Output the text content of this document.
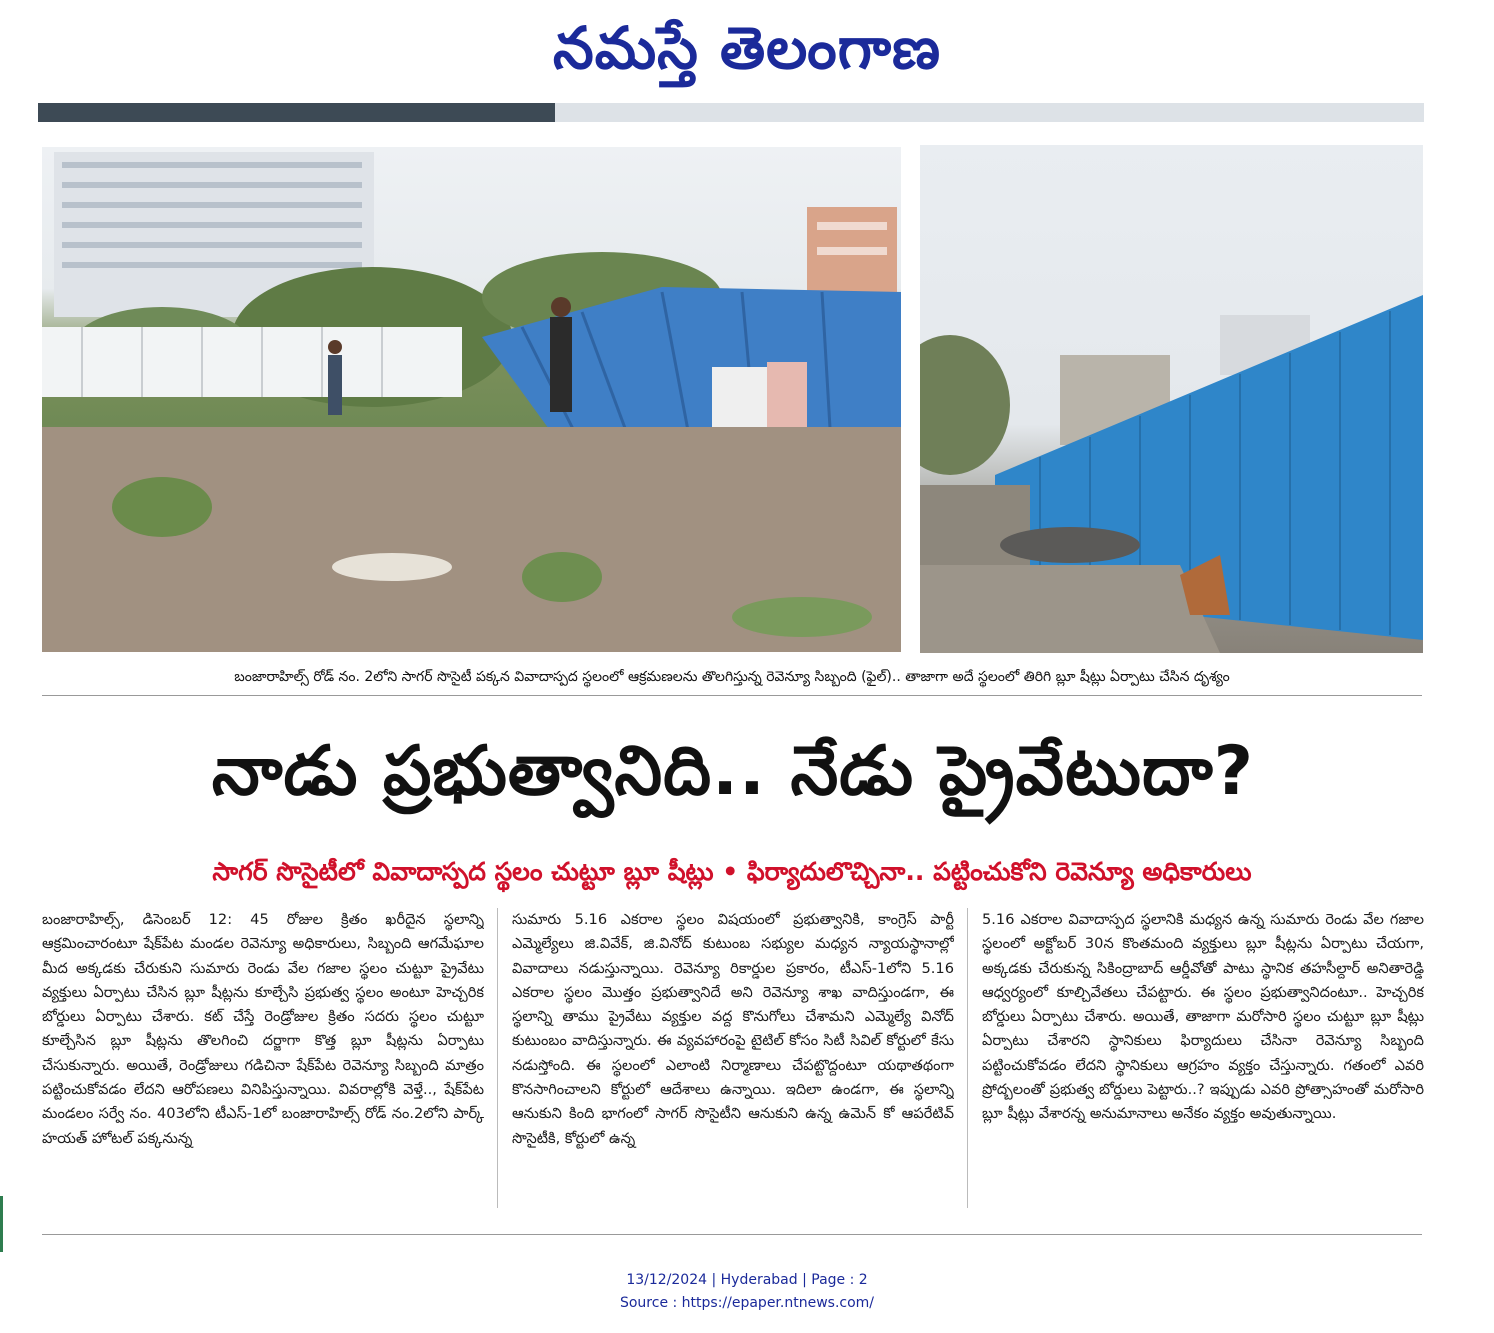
నమస్తే తెలంగాణ
బంజారాహిల్స్ రోడ్ నం. 2లోని సాగర్ సొసైటీ పక్కన వివాదాస్పద స్థలంలో ఆక్రమణలను తొలగిస్తున్న రెవెన్యూ సిబ్బంది (ఫైల్).. తాజాగా అదే స్థలంలో తిరిగి బ్లూ షీట్లు ఏర్పాటు చేసిన దృశ్యం
నాడు ప్రభుత్వానిది.. నేడు ప్రైవేటుదా?
సాగర్ సొసైటీలో వివాదాస్పద స్థలం చుట్టూ బ్లూ షీట్లు • ఫిర్యాదులొచ్చినా.. పట్టించుకోని రెవెన్యూ అధికారులు
బంజారాహిల్స్, డిసెంబర్ 12: 45 రోజుల క్రితం ఖరీదైన స్థలాన్ని ఆక్రమించారంటూ షేక్‌పేట మండల రెవెన్యూ అధికారులు, సిబ్బంది ఆగమేఘాల మీద అక్కడకు చేరుకుని సుమారు రెండు వేల గజాల స్థలం చుట్టూ ప్రైవేటు వ్యక్తులు ఏర్పాటు చేసిన బ్లూ షీట్లను కూల్చేసి ప్రభుత్వ స్థలం అంటూ హెచ్చరిక బోర్డులు ఏర్పాటు చేశారు. కట్ చేస్తే రెండ్రోజుల క్రితం సదరు స్థలం చుట్టూ కూల్చేసిన బ్లూ షీట్లను తొలగించి దర్జాగా కొత్త బ్లూ షీట్లను ఏర్పాటు చేసుకున్నారు. అయితే, రెండ్రోజులు గడిచినా షేక్‌పేట రెవెన్యూ సిబ్బంది మాత్రం పట్టించుకోవడం లేదని ఆరోపణలు వినిపిస్తున్నాయి. వివరాల్లోకి వెళ్తే.., షేక్‌పేట మండలం సర్వే నం. 403లోని టీఎస్-1లో బంజారాహిల్స్ రోడ్ నం.2లోని పార్క్ హయత్ హోటల్ పక్కనున్న
సుమారు 5.16 ఎకరాల స్థలం విషయంలో ప్రభుత్వానికి, కాంగ్రెస్ పార్టీ ఎమ్మెల్యేలు జి.వివేక్, జి.వినోద్ కుటుంబ సభ్యుల మధ్యన న్యాయస్థానాల్లో వివాదాలు నడుస్తున్నాయి. రెవెన్యూ రికార్డుల ప్రకారం, టీఎస్-1లోని 5.16 ఎకరాల స్థలం మొత్తం ప్రభుత్వానిదే అని రెవెన్యూ శాఖ వాదిస్తుండగా, ఈ స్థలాన్ని తాము ప్రైవేటు వ్యక్తుల వద్ద కొనుగోలు చేశామని ఎమ్మెల్యే వినోద్ కుటుంబం వాదిస్తున్నారు. ఈ వ్యవహారంపై టైటిల్ కోసం సిటీ సివిల్ కోర్టులో కేసు నడుస్తోంది. ఈ స్థలంలో ఎలాంటి నిర్మాణాలు చేపట్టొద్దంటూ యథాతథంగా కొనసాగించాలని కోర్టులో ఆదేశాలు ఉన్నాయి. ఇదిలా ఉండగా, ఈ స్థలాన్ని ఆనుకుని కింది భాగంలో సాగర్ సొసైటీని ఆనుకుని ఉన్న ఉమెన్ కో ఆపరేటివ్ సొసైటీకి, కోర్టులో ఉన్న
5.16 ఎకరాల వివాదాస్పద స్థలానికి మధ్యన ఉన్న సుమారు రెండు వేల గజాల స్థలంలో అక్టోబర్ 30న కొంతమంది వ్యక్తులు బ్లూ షీట్లను ఏర్పాటు చేయగా, అక్కడకు చేరుకున్న సికింద్రాబాద్ ఆర్డీవోతో పాటు స్థానిక తహసీల్దార్ అనితారెడ్డి ఆధ్వర్యంలో కూల్చివేతలు చేపట్టారు. ఈ స్థలం ప్రభుత్వానిదంటూ.. హెచ్చరిక బోర్డులు ఏర్పాటు చేశారు. అయితే, తాజాగా మరోసారి స్థలం చుట్టూ బ్లూ షీట్లు ఏర్పాటు చేశారని స్థానికులు ఫిర్యాదులు చేసినా రెవెన్యూ సిబ్బంది పట్టించుకోవడం లేదని స్థానికులు ఆగ్రహం వ్యక్తం చేస్తున్నారు. గతంలో ఎవరి ప్రోద్బలంతో ప్రభుత్వ బోర్డులు పెట్టారు..? ఇప్పుడు ఎవరి ప్రోత్సాహంతో మరోసారి బ్లూ షీట్లు వేశారన్న అనుమానాలు అనేకం వ్యక్తం అవుతున్నాయి.
13/12/2024 | Hyderabad | Page : 2
Source : https://epaper.ntnews.com/
